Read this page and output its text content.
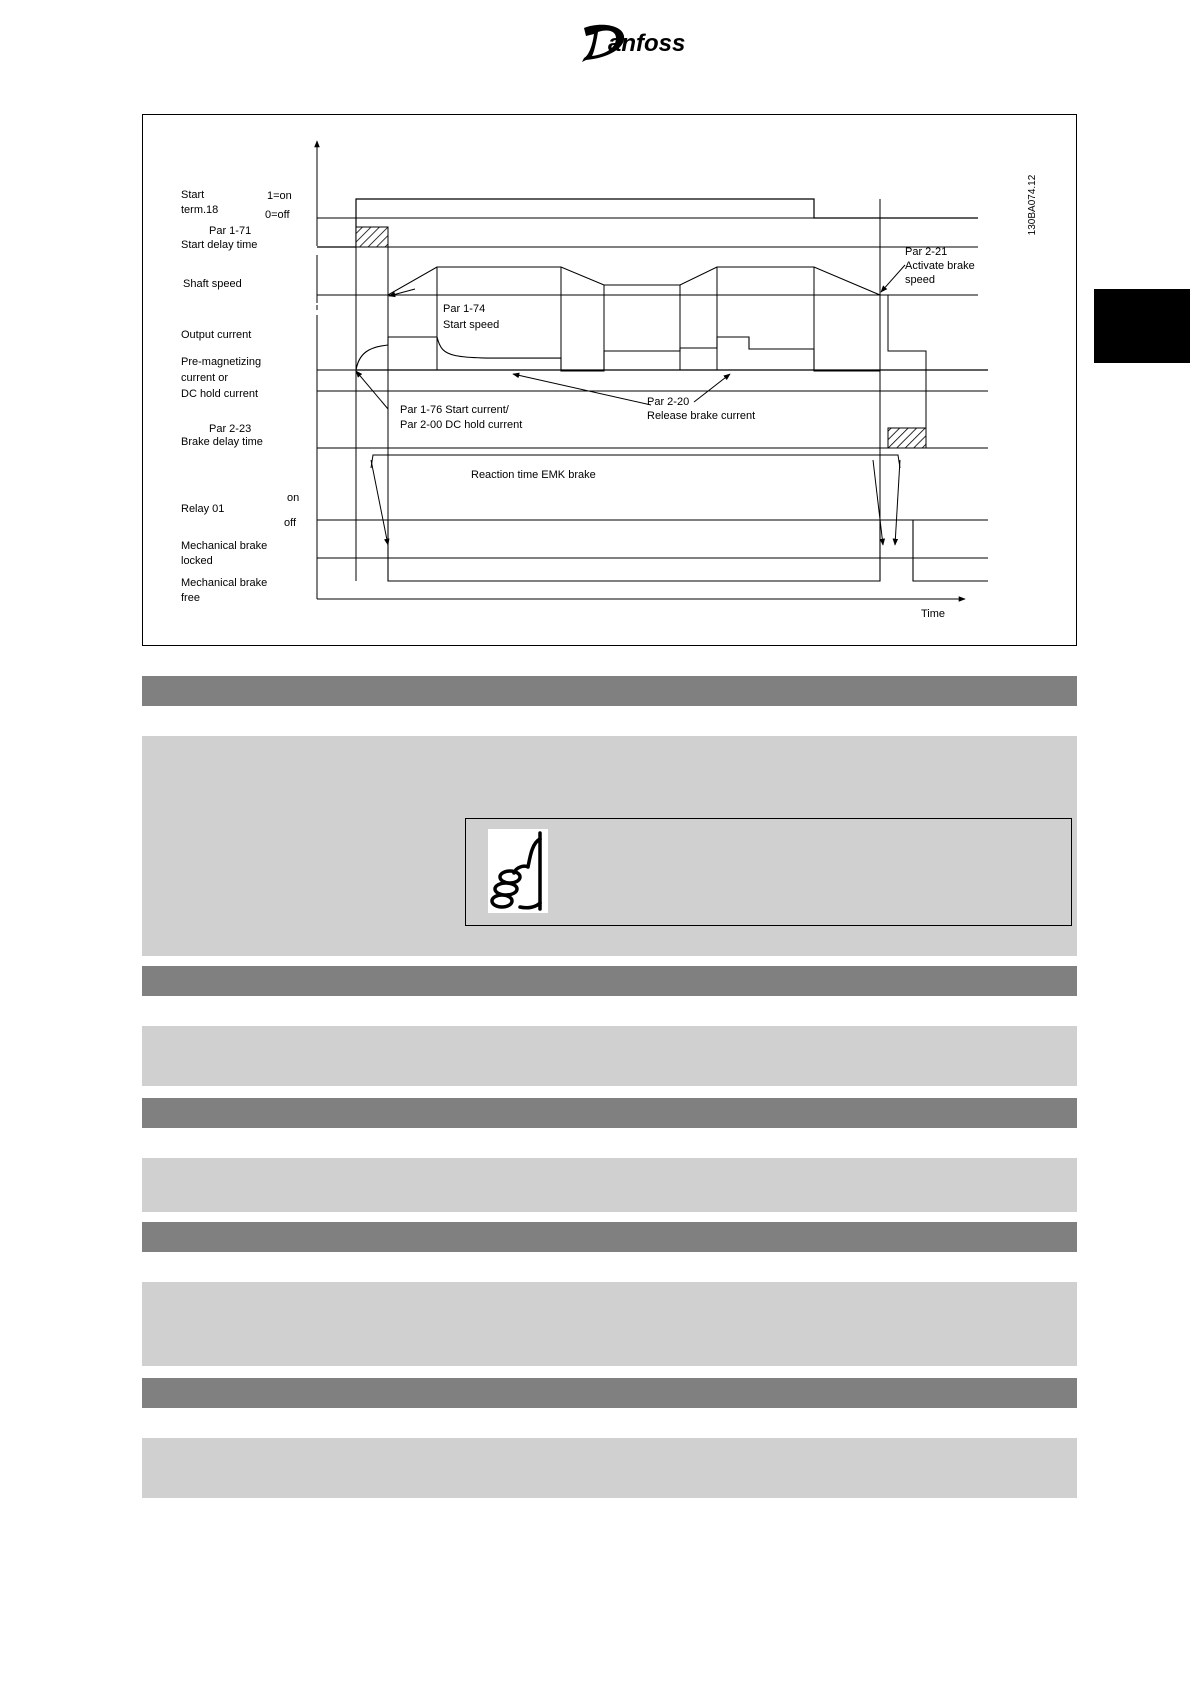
anfoss
Start
term.18
1=on
0=off
Par 1-71
Start delay time
Shaft speed
Output current
Pre-magnetizing
current or
DC hold current
Par 2-23
Brake delay time
Relay 01
on
off
Mechanical brake
locked
Mechanical brake
free
Time
Par 1-74
Start speed
Par 2-21
Activate brake
speed
Par 1-76 Start current/
Par 2-00 DC hold current
Par 2-20
Release brake current
Reaction time EMK brake
130BA074.12
